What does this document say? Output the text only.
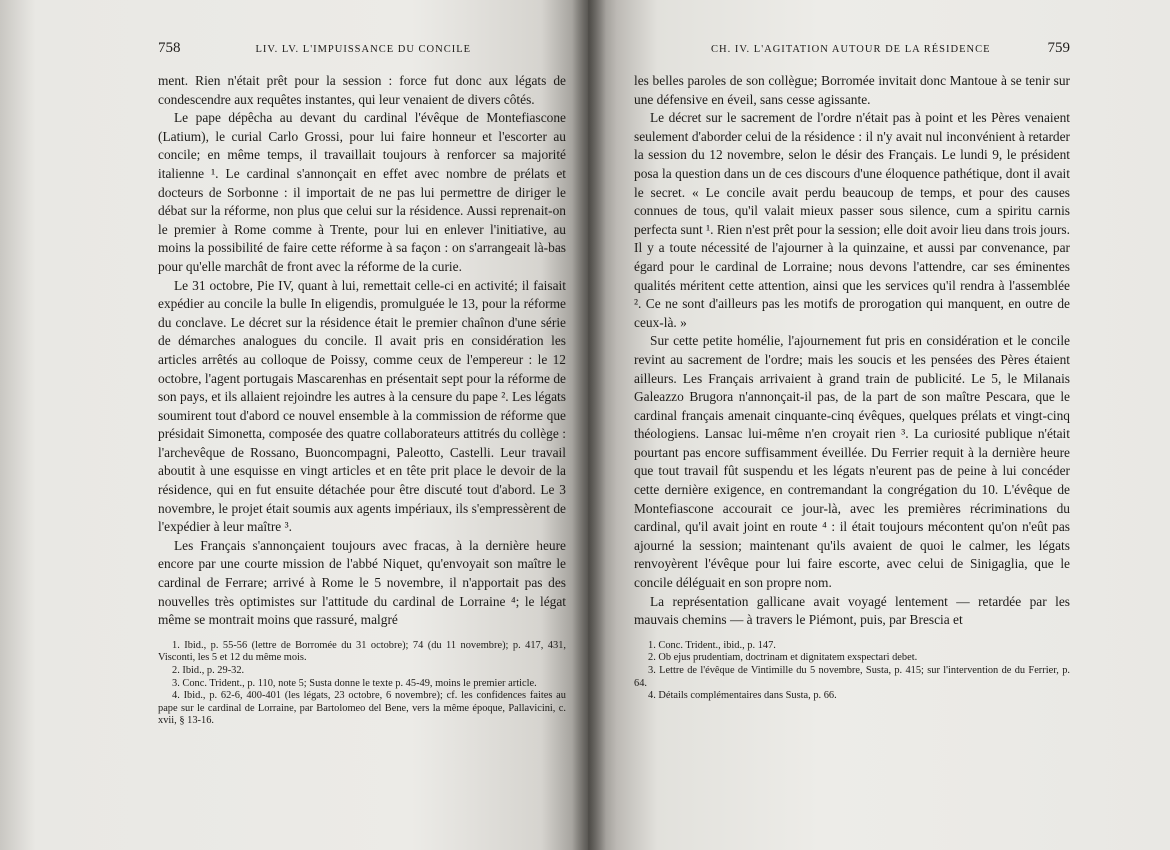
758	LIV. LV. L'IMPUISSANCE DU CONCILE

ment. Rien n'était prêt pour la session : force fut donc aux légats de condescendre aux requêtes instantes, qui leur venaient de divers côtés.

Le pape dépêcha au devant du cardinal l'évêque de Montefiascone (Latium), le curial Carlo Grossi, pour lui faire honneur et l'escorter au concile; en même temps, il travaillait toujours à renforcer sa majorité italienne ¹. Le cardinal s'annonçait en effet avec nombre de prélats et docteurs de Sorbonne : il importait de ne pas lui permettre de diriger le débat sur la réforme, non plus que celui sur la résidence. Aussi reprenait-on le premier à Rome comme à Trente, pour lui en enlever l'initiative, au moins la possibilité de faire cette réforme à sa façon : on s'arrangeait là-bas pour qu'elle marchât de front avec la réforme de la curie.

Le 31 octobre, Pie IV, quant à lui, remettait celle-ci en activité; il faisait expédier au concile la bulle In eligendis, promulguée le 13, pour la réforme du conclave. Le décret sur la résidence était le premier chaînon d'une série de démarches analogues du concile. Il avait pris en considération les articles arrêtés au colloque de Poissy, comme ceux de l'empereur : le 12 octobre, l'agent portugais Mascarenhas en présentait sept pour la réforme de son pays, et ils allaient rejoindre les autres à la censure du pape ². Les légats soumirent tout d'abord ce nouvel ensemble à la commission de réforme que présidait Simonetta, composée des quatre collaborateurs attitrés du collège : l'archevêque de Rossano, Buoncompagni, Paleotto, Castelli. Leur travail aboutit à une esquisse en vingt articles et en tête prit place le devoir de la résidence, qui en fut ensuite détachée pour être discuté tout d'abord. Le 3 novembre, le projet était soumis aux agents impériaux, ils s'empressèrent de l'expédier à leur maître ³.

Les Français s'annonçaient toujours avec fracas, à la dernière heure encore par une courte mission de l'abbé Niquet, qu'envoyait son maître le cardinal de Ferrare; arrivé à Rome le 5 novembre, il n'apportait pas des nouvelles très optimistes sur l'attitude du cardinal de Lorraine ⁴; le légat même se montrait moins que rassuré, malgré

1. Ibid., p. 55-56 (lettre de Borromée du 31 octobre); 74 (du 11 novembre); p. 417, 431, Visconti, les 5 et 12 du même mois.

2. Ibid., p. 29-32.

3. Conc. Trident., p. 110, note 5; Susta donne le texte p. 45-49, moins le premier article.

4. Ibid., p. 62-6, 400-401 (les légats, 23 octobre, 6 novembre); cf. les confidences faites au pape sur le cardinal de Lorraine, par Bartolomeo del Bene, vers la même époque, Pallavicini, c. xvii, § 13-16.

CH. IV. L'AGITATION AUTOUR DE LA RÉSIDENCE	759

les belles paroles de son collègue; Borromée invitait donc Mantoue à se tenir sur une défensive en éveil, sans cesse agissante.

Le décret sur le sacrement de l'ordre n'était pas à point et les Pères venaient seulement d'aborder celui de la résidence : il n'y avait nul inconvénient à retarder la session du 12 novembre, selon le désir des Français. Le lundi 9, le président posa la question dans un de ces discours d'une éloquence pathétique, dont il avait le secret. « Le concile avait perdu beaucoup de temps, et pour des causes connues de tous, qu'il valait mieux passer sous silence, cum a spiritu carnis perfecta sunt ¹. Rien n'est prêt pour la session; elle doit avoir lieu dans trois jours. Il y a toute nécessité de l'ajourner à la quinzaine, et aussi par convenance, par égard pour le cardinal de Lorraine; nous devons l'attendre, car ses éminentes qualités méritent cette attention, ainsi que les services qu'il rendra à l'assemblée ². Ce ne sont d'ailleurs pas les motifs de prorogation qui manquent, en outre de ceux-là. »

Sur cette petite homélie, l'ajournement fut pris en considération et le concile revint au sacrement de l'ordre; mais les soucis et les pensées des Pères étaient ailleurs. Les Français arrivaient à grand train de publicité. Le 5, le Milanais Galeazzo Brugora n'annonçait-il pas, de la part de son maître Pescara, que le cardinal français amenait cinquante-cinq évêques, quelques prélats et vingt-cinq théologiens. Lansac lui-même n'en croyait rien ³. La curiosité publique n'était pourtant pas encore suffisamment éveillée. Du Ferrier requit à la dernière heure que tout travail fût suspendu et les légats n'eurent pas de peine à lui concéder cette dernière exigence, en contremandant la congrégation du 10. L'évêque de Montefiascone accourait ce jour-là, avec les premières récriminations du cardinal, qu'il avait joint en route ⁴ : il était toujours mécontent qu'on n'eût pas ajourné la session; maintenant qu'ils avaient de quoi le calmer, les légats renvoyèrent l'évêque pour lui faire escorte, avec celui de Sinigaglia, que le concile déléguait en son propre nom.

La représentation gallicane avait voyagé lentement — retardée par les mauvais chemins — à travers le Piémont, puis, par Brescia et

1. Conc. Trident., ibid., p. 147.

2. Ob ejus prudentiam, doctrinam et dignitatem exspectari debet.

3. Lettre de l'évêque de Vintimille du 5 novembre, Susta, p. 415; sur l'intervention de du Ferrier, p. 64.

4. Détails complémentaires dans Susta, p. 66.
